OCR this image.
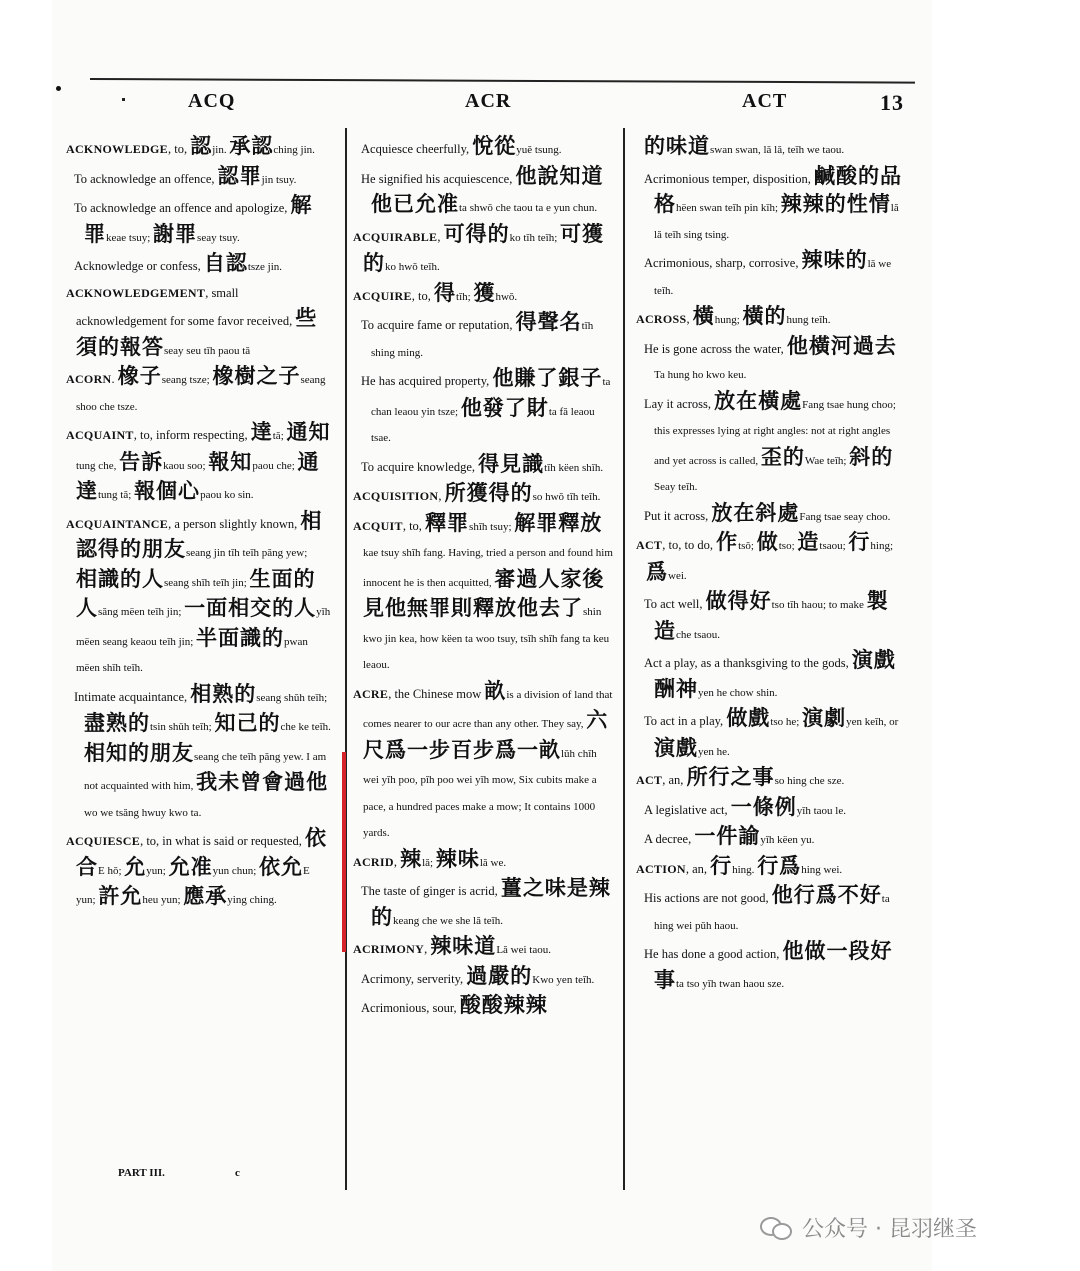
ACQ	ACR	ACT	13
ACKNOWLEDGE, to, 認jin. 承認ching jin.
To acknowledge an offence, 認罪jin tsuy.
To acknowledge an offence and apologize, 解罪keae tsuy; 謝罪seay tsuy.
Acknowledge or confess, 自認tsze jin.
ACKNOWLEDGEMENT, small acknowledgement for some favor received, 些須的報答seay seu tĭh paou tă
ACORN. 橡子seang tsze; 橡樹之子seang shoo che tsze.
ACQUAINT, to, inform respecting, 達tă; 通知tung che, 告訴kaou soo; 報知paou che; 通達tung tă; 報個心paou ko sin.
ACQUAINTANCE, a person slightly known, 相認得的朋友seang jin tĭh teĭh păng yew; 相識的人seang shĭh teĭh jin; 生面的人săng mëen teĭh jin; 一面相交的人yĭh mëen seang keaou teĭh jin; 半面識的pwan mëen shĭh teĭh.
Intimate acquaintance, 相熟的seang shŭh teĭh; 盡熟的tsin shŭh teĭh; 知己的che ke teĭh. 相知的朋友seang che teĭh păng yew. I am not acquainted with him, 我未曾會過他wo we tsăng hwuy kwo ta.
ACQUIESCE, to, in what is said or requested, 依合E hŏ; 允yun; 允准yun chun; 依允E yun; 許允heu yun; 應承ying ching.
Acquiesce cheerfully, 悅從yuĕ tsung.
He signified his acquiescence, 他說知道他已允准ta shwŏ che taou ta e yun chun.
ACQUIRABLE, 可得的ko tĭh teĭh; 可獲的ko hwŏ teĭh.
ACQUIRE, to, 得tĭh; 獲hwŏ.
To acquire fame or reputation, 得聲名tĭh shing ming.
He has acquired property, 他賺了銀子ta chan leaou yin tsze; 他發了財ta fă leaou tsae.
To acquire knowledge, 得見識tĭh këen shĭh.
ACQUISITION, 所獲得的so hwŏ tĭh teĭh.
ACQUIT, to, 釋罪shĭh tsuy; 解罪釋放kae tsuy shĭh fang. Having, tried a person and found him innocent he is then acquitted, 審過人家後見他無罪則釋放他去了shin kwo jin kea, how këen ta woo tsuy, tsĭh shĭh fang ta keu leaou.
ACRE, the Chinese mow 畝is a division of land that comes nearer to our acre than any other. They say, 六尺爲一步百步爲一畝lŭh chĭh wei yĭh poo, pĭh poo wei yĭh mow, Six cubits make a pace, a hundred paces make a mow; It contains 1000 yards.
ACRID, 辣lă; 辣味lă we.
The taste of ginger is acrid, 薑之味是辣的keang che we she lă teĭh.
ACRIMONY, 辣味道Lă wei taou.
Acrimony, serverity, 過嚴的Kwo yen teĭh.
Acrimonious, sour, 酸酸辣辣
的味道swan swan, lă lă, teĭh we taou.
Acrimonious temper, disposition, 鹹酸的品格hëen swan teĭh pin kĭh; 辣辣的性情lă lă teĭh sing tsing.
Acrimonious, sharp, corrosive, 辣味的lă we teĭh.
ACROSS, 橫hung; 橫的hung teĭh.
He is gone across the water, 他橫河過去Ta hung ho kwo keu.
Lay it across, 放在橫處Fang tsae hung choo; this expresses lying at right angles: not at right angles and yet across is called, 歪的Wae teĭh; 斜的Seay teĭh.
Put it across, 放在斜處Fang tsae seay choo.
ACT, to, to do, 作tsŏ; 做tso; 造tsaou; 行hing; 爲wei.
To act well, 做得好tso tĭh haou; to make 製造che tsaou.
Act a play, as a thanksgiving to the gods, 演戲酬神yen he chow shin.
To act in a play, 做戲tso he; 演劇yen keĭh, or 演戲yen he.
ACT, an, 所行之事so hing che sze.
A legislative act, 一條例yĭh taou le.
A decree, 一件諭yĭh këen yu.
ACTION, an, 行hing. 行爲hing wei.
His actions are not good, 他行爲不好ta hing wei pŭh haou.
He has done a good action, 他做一段好事ta tso yĭh twan haou sze.
PART III.	c
公众号 · 昆羽继圣
